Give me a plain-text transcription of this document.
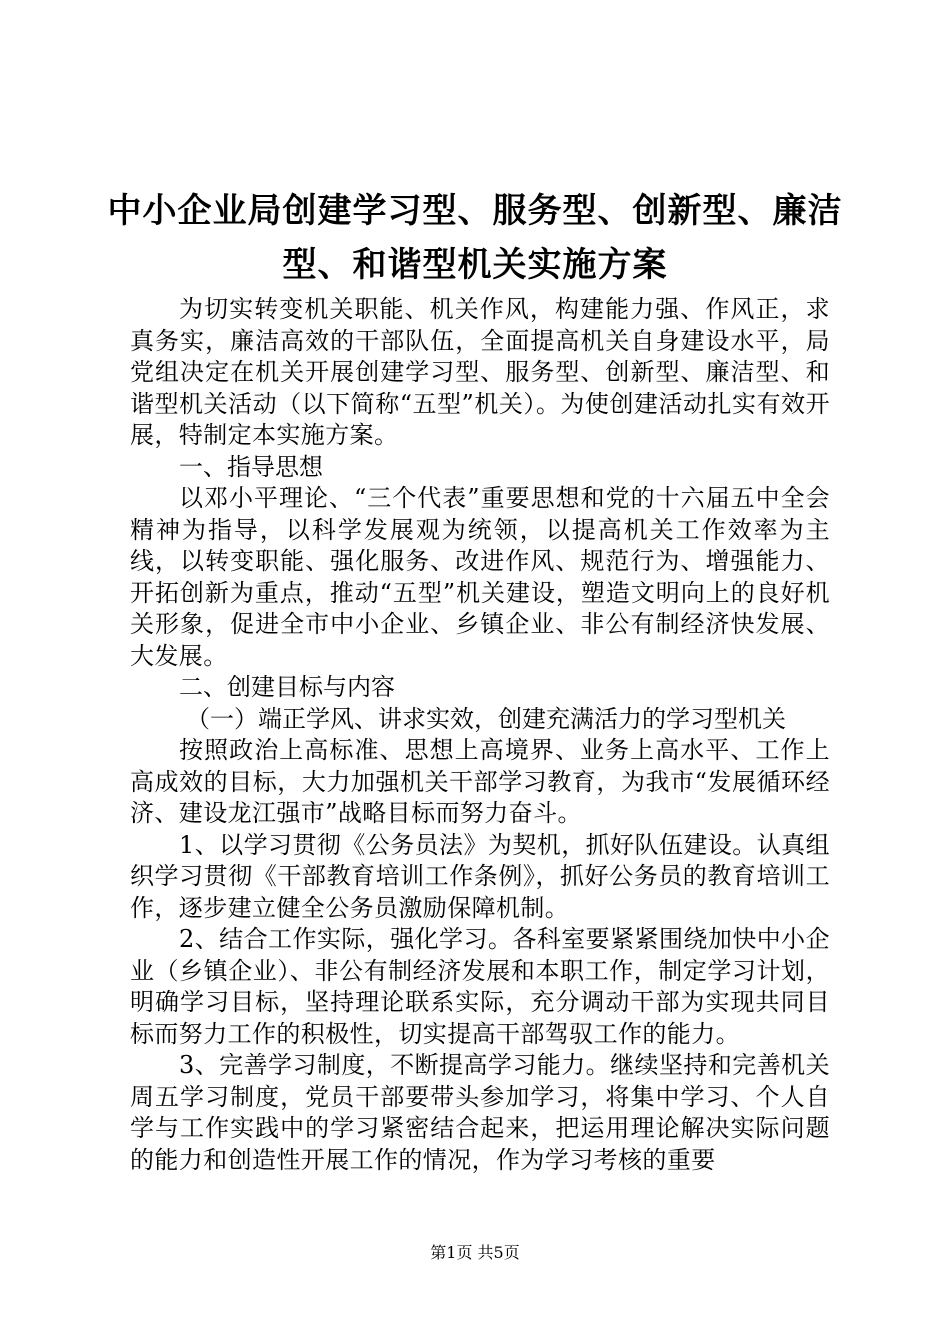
中小企业局创建学习型、服务型、创新型、廉洁型、和谐型机关实施方案

为切实转变机关职能、机关作风，构建能力强、作风正，求真务实，廉洁高效的干部队伍，全面提高机关自身建设水平，局党组决定在机关开展创建学习型、服务型、创新型、廉洁型、和谐型机关活动（以下简称“五型”机关）。为使创建活动扎实有效开展，特制定本实施方案。

一、指导思想

以邓小平理论、“三个代表”重要思想和党的十六届五中全会精神为指导，以科学发展观为统领，以提高机关工作效率为主线，以转变职能、强化服务、改进作风、规范行为、增强能力、开拓创新为重点，推动“五型”机关建设，塑造文明向上的良好机关形象，促进全市中小企业、乡镇企业、非公有制经济快发展、大发展。

二、创建目标与内容

（一）端正学风、讲求实效，创建充满活力的学习型机关

按照政治上高标准、思想上高境界、业务上高水平、工作上高成效的目标，大力加强机关干部学习教育，为我市“发展循环经济、建设龙江强市”战略目标而努力奋斗。

1、以学习贯彻《公务员法》为契机，抓好队伍建设。认真组织学习贯彻《干部教育培训工作条例》，抓好公务员的教育培训工作，逐步建立健全公务员激励保障机制。

2、结合工作实际，强化学习。各科室要紧紧围绕加快中小企业（乡镇企业）、非公有制经济发展和本职工作，制定学习计划，明确学习目标，坚持理论联系实际，充分调动干部为实现共同目标而努力工作的积极性，切实提高干部驾驭工作的能力。

3、完善学习制度，不断提高学习能力。继续坚持和完善机关周五学习制度，党员干部要带头参加学习，将集中学习、个人自学与工作实践中的学习紧密结合起来，把运用理论解决实际问题的能力和创造性开展工作的情况，作为学习考核的重要

第1页 共5页
